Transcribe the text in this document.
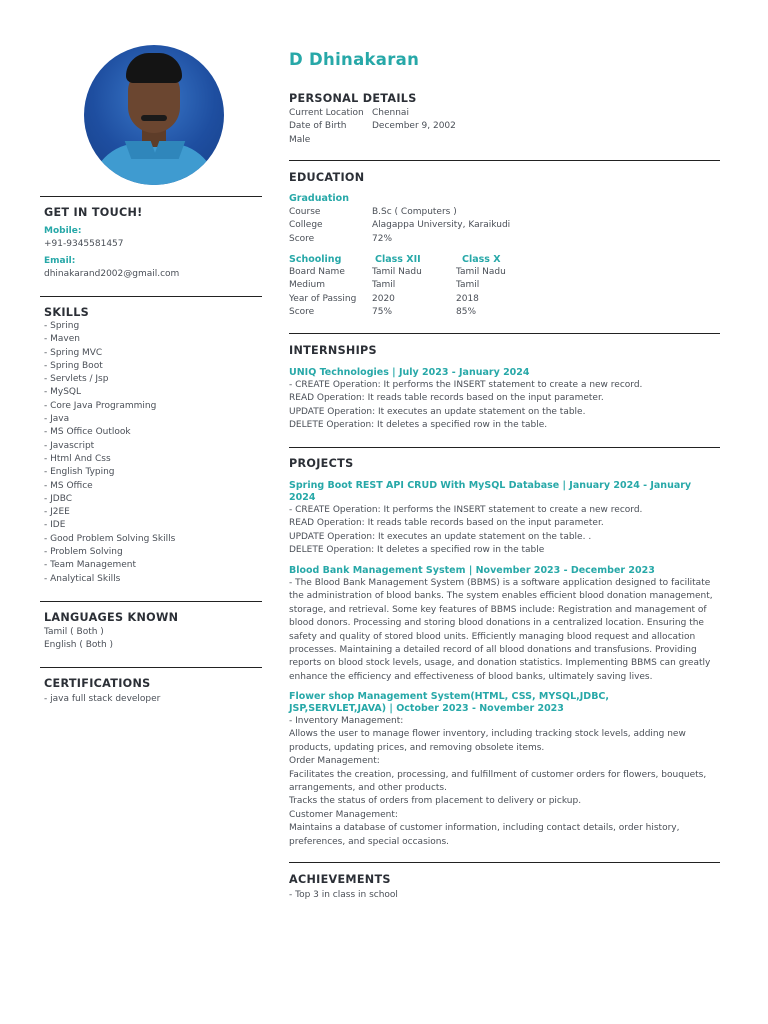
GET IN TOUCH!
Mobile:
+91-9345581457
Email:
dhinakarand2002@gmail.com
SKILLS
- Spring
- Maven
- Spring MVC
- Spring Boot
- Servlets / Jsp
- MySQL
- Core Java Programming
- Java
- MS Office Outlook
- Javascript
- Html And Css
- English Typing
- MS Office
- JDBC
- J2EE
- IDE
- Good Problem Solving Skills
- Problem Solving
- Team Management
- Analytical Skills
LANGUAGES KNOWN
Tamil ( Both )
English ( Both )
CERTIFICATIONS
- java full stack developer
D Dhinakaran
PERSONAL DETAILS
Current Location Chennai
Date of Birth	December 9, 2002
Male
EDUCATION
Graduation
Course	B.Sc ( Computers )
College	Alagappa University, Karaikudi
Score	72%
Schooling	Class XII	Class X
Board Name	Tamil Nadu	Tamil Nadu
Medium	Tamil	Tamil
Year of Passing	2020	2018
Score	75%	85%
INTERNSHIPS
UNIQ Technologies | July 2023 - January 2024
- CREATE Operation: It performs the INSERT statement to create a new record.
READ Operation: It reads table records based on the input parameter.
UPDATE Operation: It executes an update statement on the table.
DELETE Operation: It deletes a specified row in the table.
PROJECTS
Spring Boot REST API CRUD With MySQL Database | January 2024 - January 2024
- CREATE Operation: It performs the INSERT statement to create a new record.
READ Operation: It reads table records based on the input parameter.
UPDATE Operation: It executes an update statement on the table. .
DELETE Operation: It deletes a specified row in the table
Blood Bank Management System | November 2023 - December 2023
- The Blood Bank Management System (BBMS) is a software application designed to facilitate
the administration of blood banks. The system enables efficient blood donation management,
storage, and retrieval. Some key features of BBMS include: Registration and management of
blood donors. Processing and storing blood donations in a centralized location. Ensuring the
safety and quality of stored blood units. Efficiently managing blood request and allocation
processes. Maintaining a detailed record of all blood donations and transfusions. Providing
reports on blood stock levels, usage, and donation statistics. Implementing BBMS can greatly
enhance the efficiency and effectiveness of blood banks, ultimately saving lives.
Flower shop Management System(HTML, CSS, MYSQL,JDBC,
JSP,SERVLET,JAVA) | October 2023 - November 2023
- Inventory Management:
Allows the user to manage flower inventory, including tracking stock levels, adding new
products, updating prices, and removing obsolete items.
Order Management:
Facilitates the creation, processing, and fulfillment of customer orders for flowers, bouquets,
arrangements, and other products.
Tracks the status of orders from placement to delivery or pickup.
Customer Management:
Maintains a database of customer information, including contact details, order history,
preferences, and special occasions.
ACHIEVEMENTS
- Top 3 in class in school
